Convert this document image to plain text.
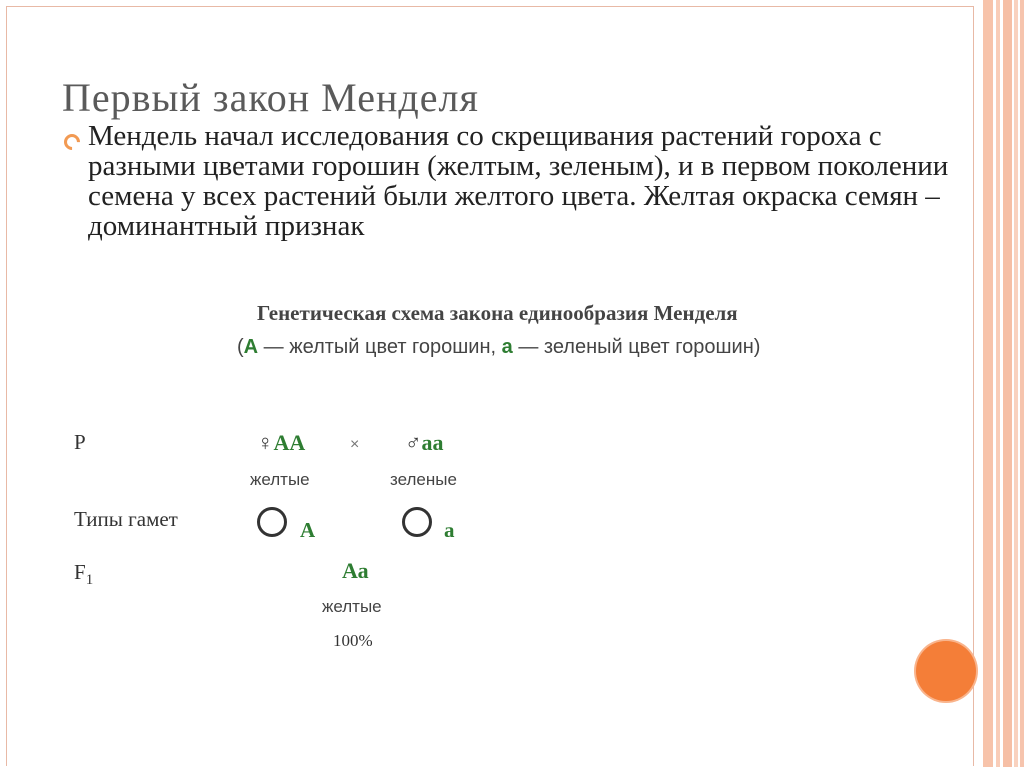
Первый закон Менделя

Мендель начал исследования со скрещивания растений гороха с разными цветами горошин (желтым, зеленым), и в первом поколении семена у всех растений были желтого цвета. Желтая окраска семян – доминантный признак

Генетическая схема закона единообразия Менделя
(А — желтый цвет горошин, а — зеленый цвет горошин)
P
Типы гамет
$F_1$
♀АА
желтые
× ♂аа
зеленые
А	а
Аа
желтые
100%
